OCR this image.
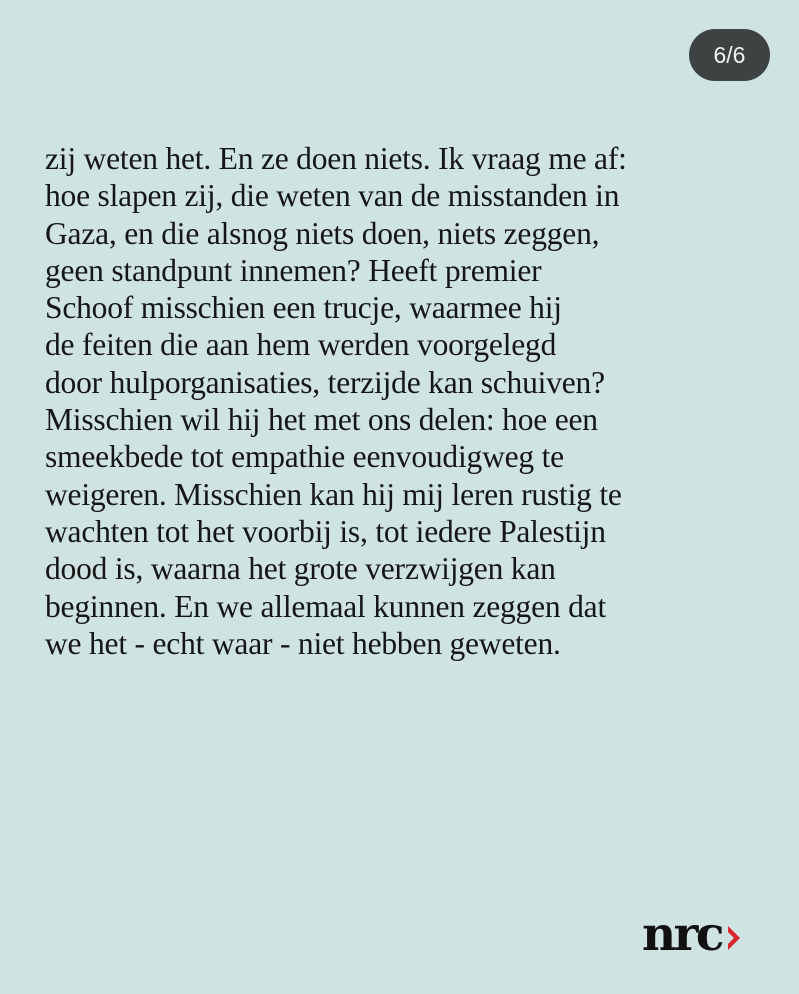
6/6
zij weten het. En ze doen niets. Ik vraag me af:
hoe slapen zij, die weten van de misstanden in
Gaza, en die alsnog niets doen, niets zeggen,
geen standpunt innemen? Heeft premier
Schoof misschien een trucje, waarmee hij
de feiten die aan hem werden voorgelegd
door hulporganisaties, terzijde kan schuiven?
Misschien wil hij het met ons delen: hoe een
smeekbede tot empathie eenvoudigweg te
weigeren. Misschien kan hij mij leren rustig te
wachten tot het voorbij is, tot iedere Palestijn
dood is, waarna het grote verzwijgen kan
beginnen. En we allemaal kunnen zeggen dat
we het - echt waar - niet hebben geweten.
nrc
